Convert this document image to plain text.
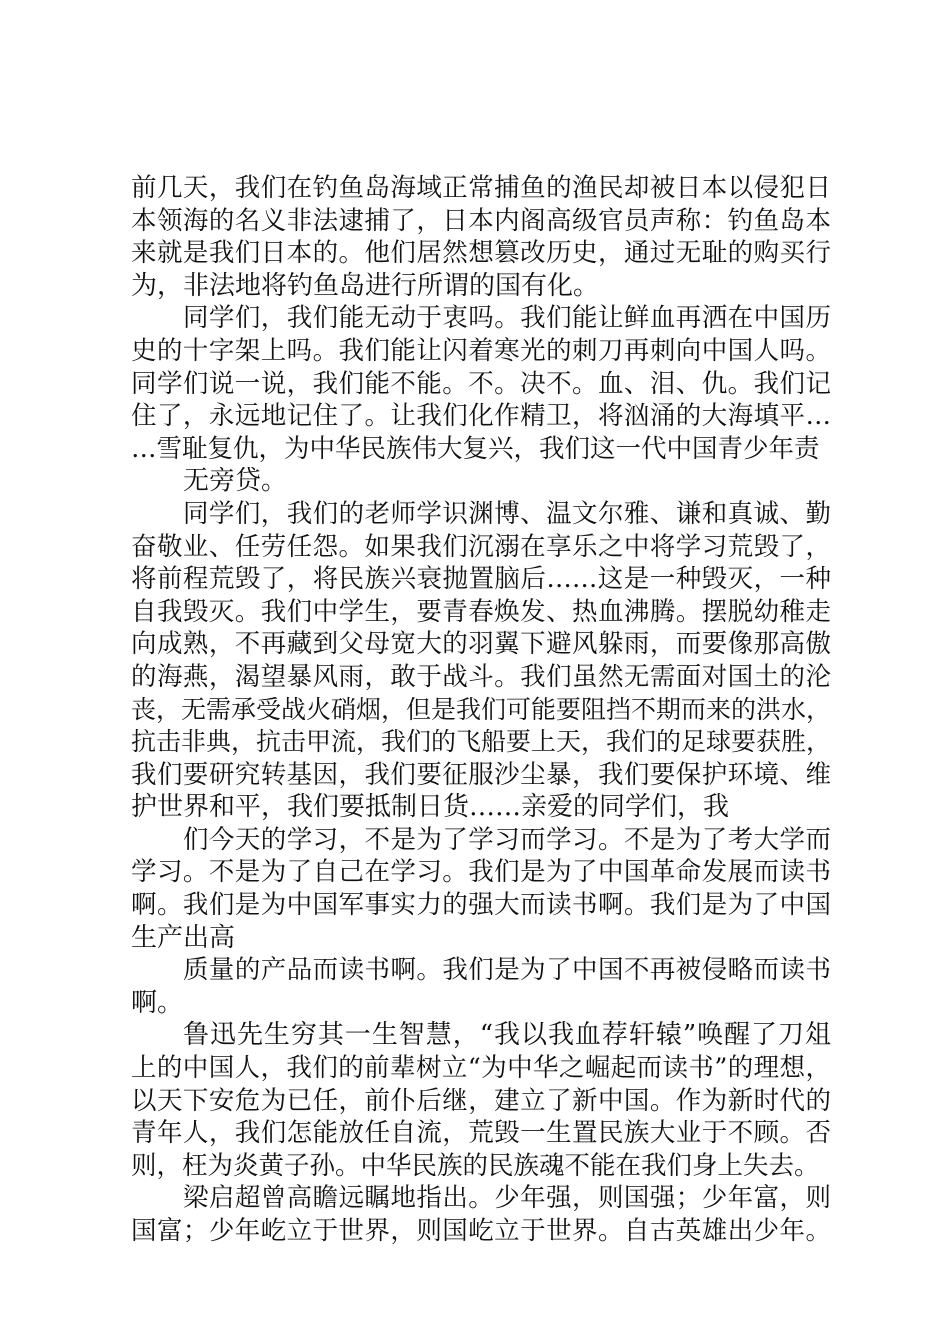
前几天，我们在钓鱼岛海域正常捕鱼的渔民却被日本以侵犯日
本领海的名义非法逮捕了，日本内阁高级官员声称：钓鱼岛本
来就是我们日本的。他们居然想篡改历史，通过无耻的购买行
为，非法地将钓鱼岛进行所谓的国有化。
同学们，我们能无动于衷吗。我们能让鲜血再洒在中国历
史的十字架上吗。我们能让闪着寒光的刺刀再刺向中国人吗。
同学们说一说，我们能不能。不。决不。血、泪、仇。我们记
住了，永远地记住了。让我们化作精卫，将汹涌的大海填平…
…雪耻复仇，为中华民族伟大复兴，我们这一代中国青少年责
无旁贷。
同学们，我们的老师学识渊博、温文尔雅、谦和真诚、勤
奋敬业、任劳任怨。如果我们沉溺在享乐之中将学习荒毁了，
将前程荒毁了，将民族兴衰抛置脑后……这是一种毁灭，一种
自我毁灭。我们中学生，要青春焕发、热血沸腾。摆脱幼稚走
向成熟，不再藏到父母宽大的羽翼下避风躲雨，而要像那高傲
的海燕，渴望暴风雨，敢于战斗。我们虽然无需面对国土的沦
丧，无需承受战火硝烟，但是我们可能要阻挡不期而来的洪水，
抗击非典，抗击甲流，我们的飞船要上天，我们的足球要获胜，
我们要研究转基因，我们要征服沙尘暴，我们要保护环境、维
护世界和平，我们要抵制日货……亲爱的同学们，我
们今天的学习，不是为了学习而学习。不是为了考大学而
学习。不是为了自己在学习。我们是为了中国革命发展而读书
啊。我们是为中国军事实力的强大而读书啊。我们是为了中国
生产出高
质量的产品而读书啊。我们是为了中国不再被侵略而读书
啊。
鲁迅先生穷其一生智慧，“我以我血荐轩辕”唤醒了刀俎
上的中国人，我们的前辈树立“为中华之崛起而读书”的理想，
以天下安危为已任，前仆后继，建立了新中国。作为新时代的
青年人，我们怎能放任自流，荒毁一生置民族大业于不顾。否
则，枉为炎黄子孙。中华民族的民族魂不能在我们身上失去。
梁启超曾高瞻远瞩地指出。少年强，则国强；少年富，则
国富；少年屹立于世界，则国屹立于世界。自古英雄出少年。
